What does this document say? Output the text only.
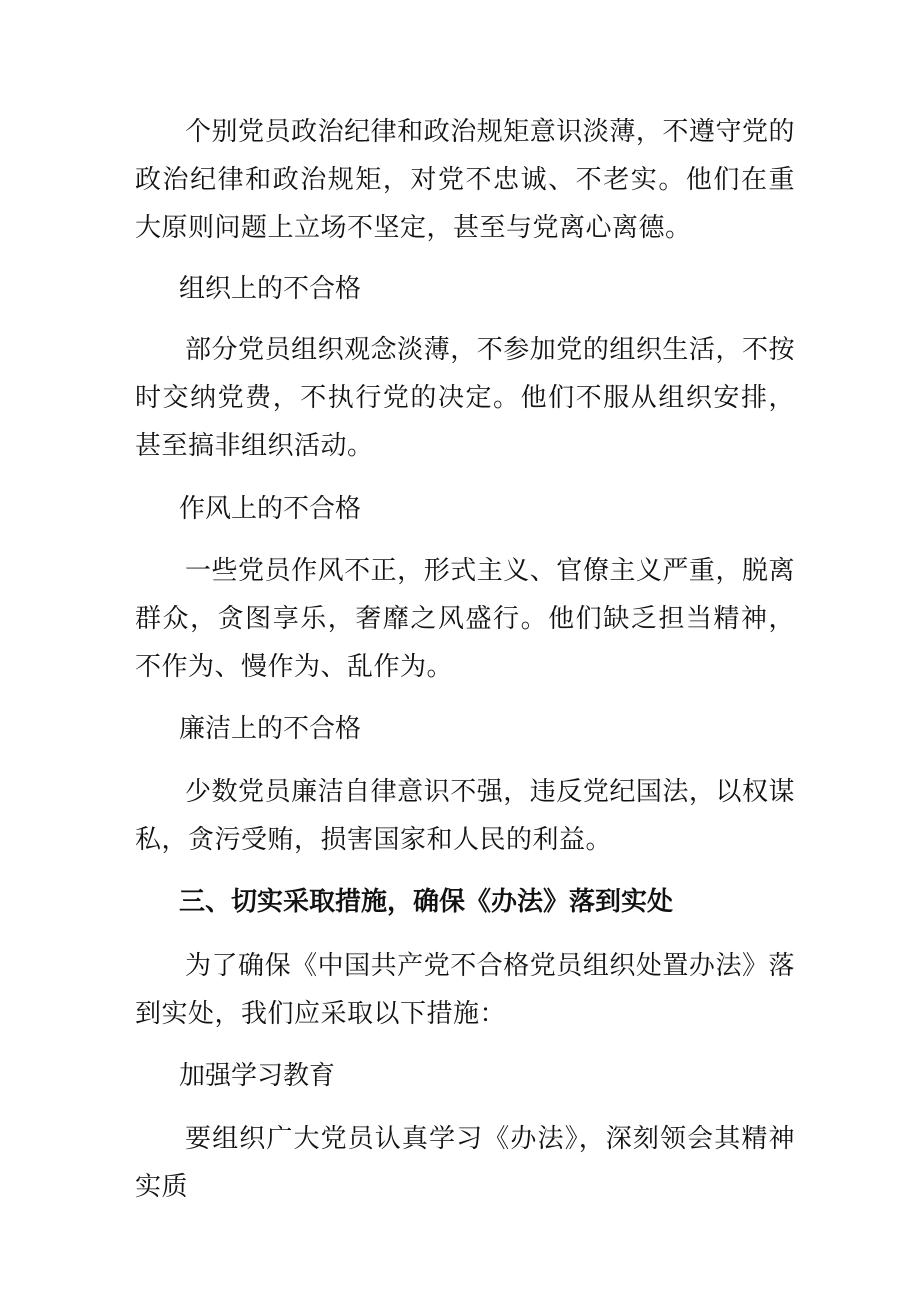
个别党员政治纪律和政治规矩意识淡薄，不遵守党的政治纪律和政治规矩，对党不忠诚、不老实。他们在重大原则问题上立场不坚定，甚至与党离心离德。

组织上的不合格

部分党员组织观念淡薄，不参加党的组织生活，不按时交纳党费，不执行党的决定。他们不服从组织安排，甚至搞非组织活动。

作风上的不合格

一些党员作风不正，形式主义、官僚主义严重，脱离群众，贪图享乐，奢靡之风盛行。他们缺乏担当精神，不作为、慢作为、乱作为。

廉洁上的不合格

少数党员廉洁自律意识不强，违反党纪国法，以权谋私，贪污受贿，损害国家和人民的利益。

三、切实采取措施，确保《办法》落到实处

为了确保《中国共产党不合格党员组织处置办法》落到实处，我们应采取以下措施：

加强学习教育

要组织广大党员认真学习《办法》，深刻领会其精神实质
